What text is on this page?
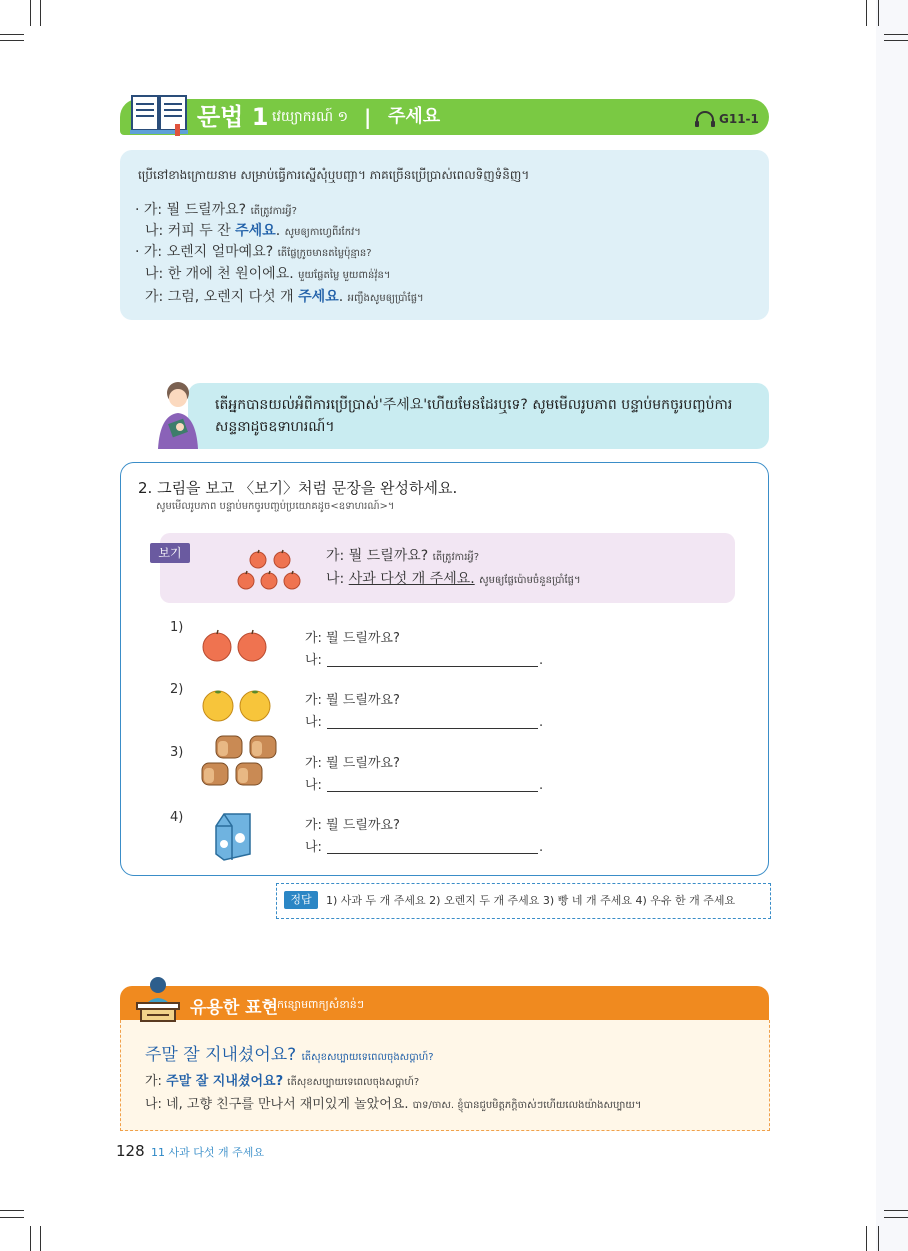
문법 1 វេយ្យាករណ៍ ១ | 주세요	G11-1
ប្រើនៅខាងក្រោយនាម សម្រាប់ធ្វើការស្នើសុំឬបញ្ជា។ ភាគច្រើនប្រើប្រាស់ពេលទិញទំនិញ។
· 가: 뭘 드릴까요? តើត្រូវការអ្វី?
나: 커피 두 잔 주세요. សូមឲ្យកាហ្វេពីរកែវ។
· 가: 오렌지 얼마예요? តើផ្លែក្រូចមានតម្លៃប៉ុន្មាន?
나: 한 개에 천 원이에요. មួយផ្លែតម្លៃ មួយពាន់វ៉ុន។
가: 그럼, 오렌지 다섯 개 주세요. អញ្ចឹងសូមឲ្យប្រាំផ្លែ។
តើអ្នកបានយល់អំពីការប្រើប្រាស់'주세요'ហើយមែនដែរឬទេ? សូមមើលរូបភាព បន្ទាប់មកចូរបញ្ចប់ការសន្ទនាដូចឧទាហរណ៍។
2. 그림을 보고 〈보기〉처럼 문장을 완성하세요.
សូមមើលរូបភាព បន្ទាប់មកចូរបញ្ចប់ប្រយោគដូច<ឧទាហរណ៍>។
보기	가: 뭘 드릴까요? តើត្រូវការអ្វី?
나: 사과 다섯 개 주세요. សូមឲ្យផ្លែប៉ោមចំនួនប្រាំផ្លែ។
1)
가: 뭘 드릴까요?
나:	.
2)
가: 뭘 드릴까요?
나:	.
3)
가: 뭘 드릴까요?
나:	.
4)
가: 뭘 드릴까요?
나:	.
정답	1) 사과 두 개 주세요 2) 오렌지 두 개 주세요 3) 빵 네 개 주세요 4) 우유 한 개 주세요
유용한 표현
កន្សោមពាក្យសំខាន់ៗ
주말 잘 지내셨어요? តើសុខសប្បាយទេពេលចុងសប្ដាហ៍?
가: 주말 잘 지내셨어요? តើសុខសប្បាយទេពេលចុងសប្ដាហ៍?
나: 네, 고향 친구를 만나서 재미있게 놀았어요. បាទ/ចាស. ខ្ញុំបានជួបមិត្តភក្ដិចាស់ៗហើយលេងយ៉ាងសប្បាយ។
128 11 사과 다섯 개 주세요
